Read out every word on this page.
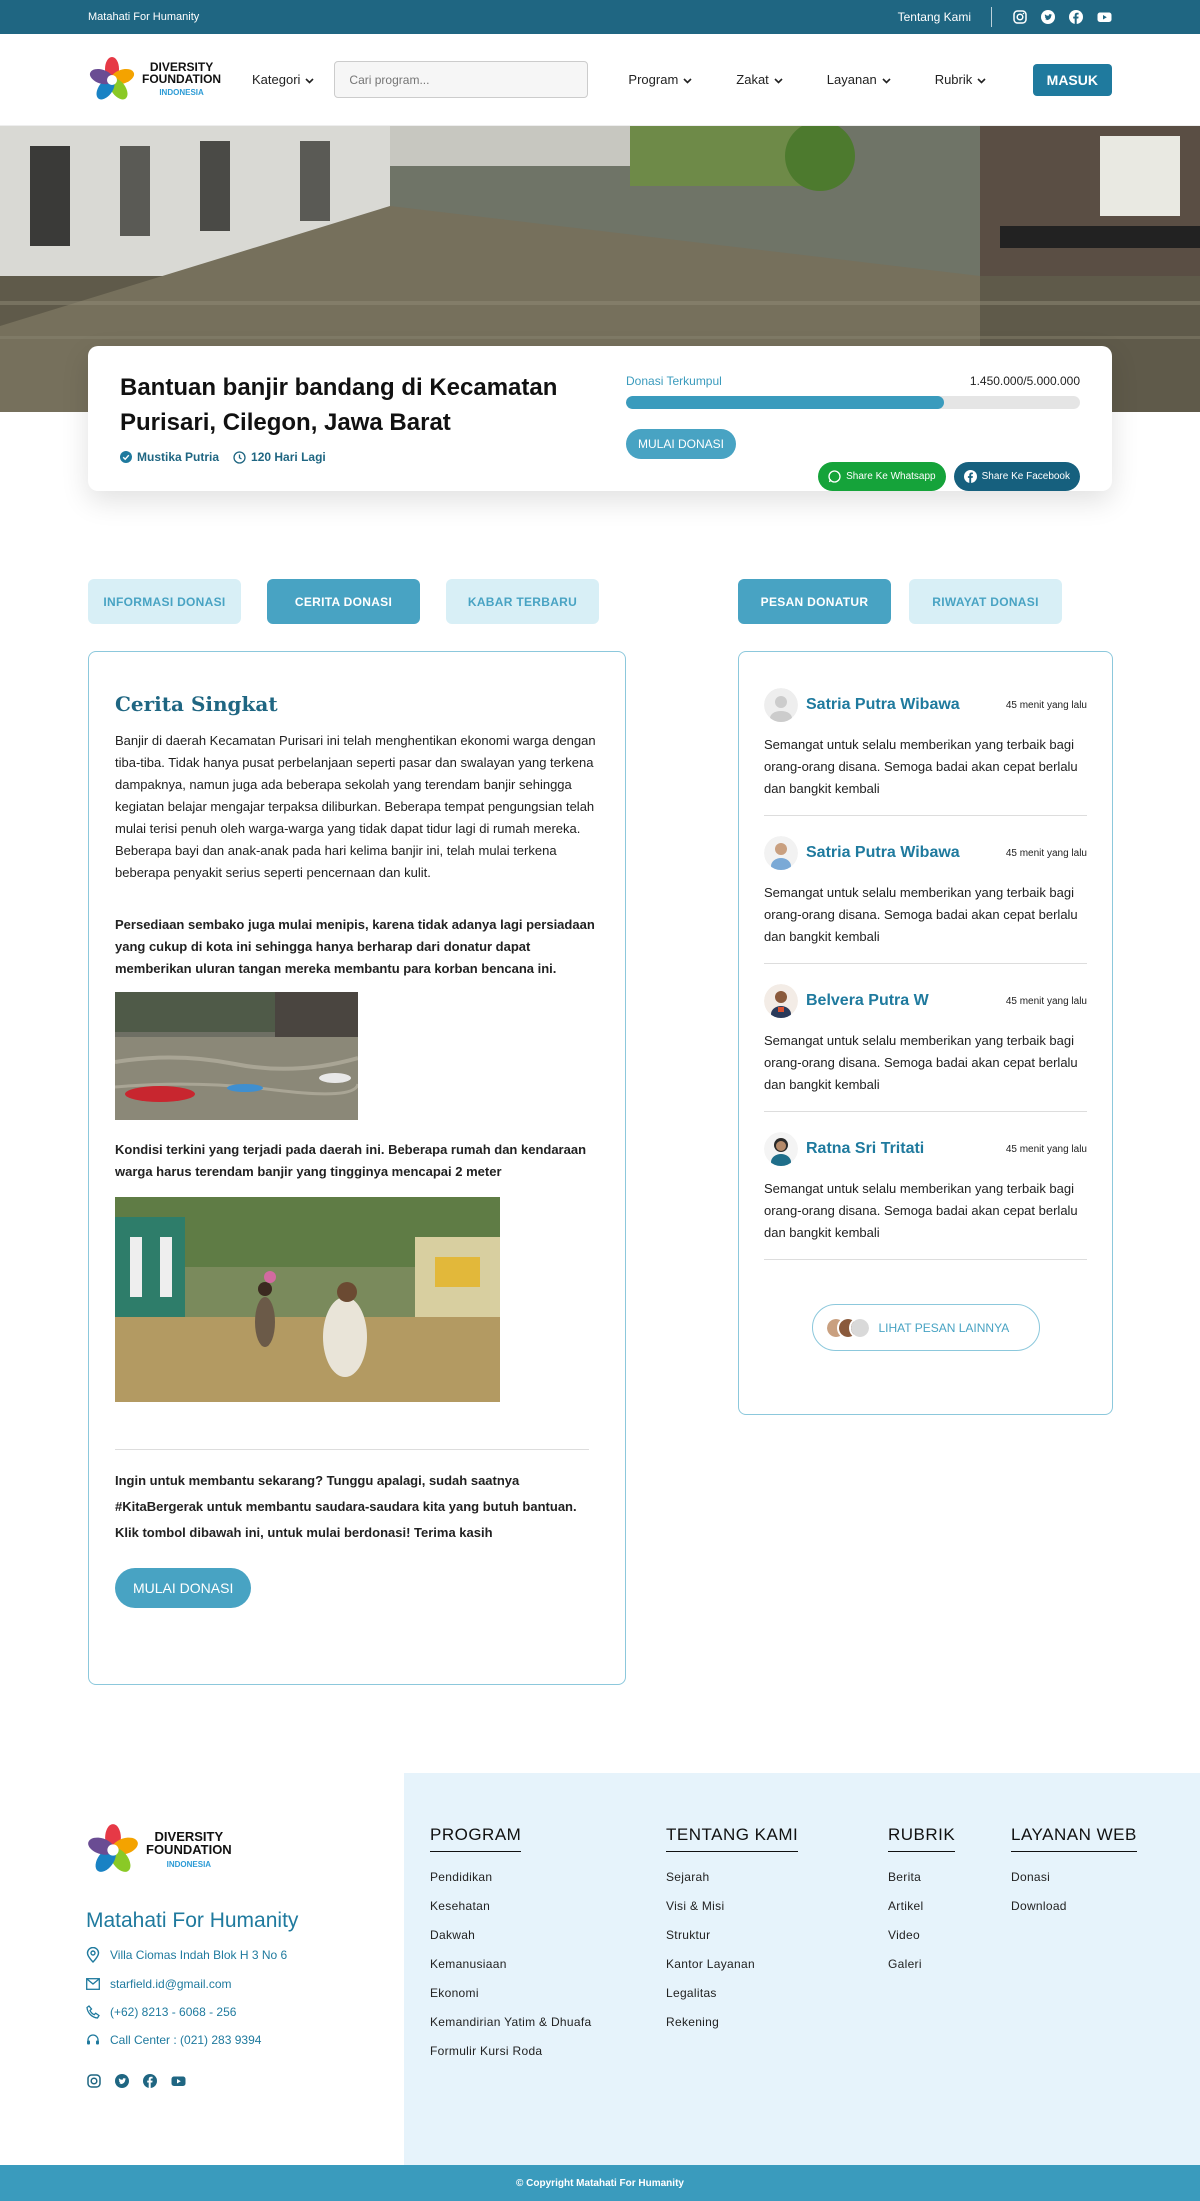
Matahati For Humanity	Tentang Kami
DIVERSITY
FOUNDATION
INDONESIA
Kategori
Cari program...	Program	Zakat	Layanan	Rubrik	MASUK
Bantuan banjir bandang di Kecamatan Purisari, Cilegon, Jawa Barat
Mustika Putria	120 Hari Lagi
Donasi Terkumpul	1.450.000/5.000.000
MULAI DONASI
Share Ke Whatsapp	Share Ke Facebook
INFORMASI DONASI	CERITA DONASI	KABAR TERBARU	PESAN DONATUR	RIWAYAT DONASI
Cerita Singkat

Banjir di daerah Kecamatan Purisari ini telah menghentikan ekonomi warga dengan tiba-tiba. Tidak hanya pusat perbelanjaan seperti pasar dan swalayan yang terkena dampaknya, namun juga ada beberapa sekolah yang terendam banjir sehingga kegiatan belajar mengajar terpaksa diliburkan. Beberapa tempat pengungsian telah mulai terisi penuh oleh warga-warga yang tidak dapat tidur lagi di rumah mereka. Beberapa bayi dan anak-anak pada hari kelima banjir ini, telah mulai terkena beberapa penyakit serius seperti pencernaan dan kulit.

Persediaan sembako juga mulai menipis, karena tidak adanya lagi persiadaan yang cukup di kota ini sehingga hanya berharap dari donatur dapat memberikan uluran tangan mereka membantu para korban bencana ini.

Kondisi terkini yang terjadi pada daerah ini. Beberapa rumah dan kendaraan warga harus terendam banjir yang tingginya mencapai 2 meter

Ingin untuk membantu sekarang? Tunggu apalagi, sudah saatnya #KitaBergerak untuk membantu saudara-saudara kita yang butuh bantuan. Klik tombol dibawah ini, untuk mulai berdonasi! Terima kasih

MULAI DONASI
Satria Putra Wibawa	45 menit yang lalu
Semangat untuk selalu memberikan yang terbaik bagi orang-orang disana. Semoga badai akan cepat berlalu dan bangkit kembali
Satria Putra Wibawa	45 menit yang lalu
Semangat untuk selalu memberikan yang terbaik bagi orang-orang disana. Semoga badai akan cepat berlalu dan bangkit kembali
Belvera Putra W	45 menit yang lalu
Semangat untuk selalu memberikan yang terbaik bagi orang-orang disana. Semoga badai akan cepat berlalu dan bangkit kembali
Ratna Sri Tritati	45 menit yang lalu
Semangat untuk selalu memberikan yang terbaik bagi orang-orang disana. Semoga badai akan cepat berlalu dan bangkit kembali
LIHAT PESAN LAINNYA
DIVERSITY
FOUNDATION
INDONESIA
Matahati For Humanity
Villa Ciomas Indah Blok H 3 No 6
starfield.id@gmail.com
(+62) 8213 - 6068 - 256
Call Center : (021) 283 9394
PROGRAM
Pendidikan
Kesehatan
Dakwah
Kemanusiaan
Ekonomi
Kemandirian Yatim & Dhuafa
Formulir Kursi Roda
TENTANG KAMI
Sejarah
Visi & Misi
Struktur
Kantor Layanan
Legalitas
Rekening
RUBRIK
Berita
Artikel
Video
Galeri
LAYANAN WEB
Donasi
Download
© Copyright Matahati For Humanity
